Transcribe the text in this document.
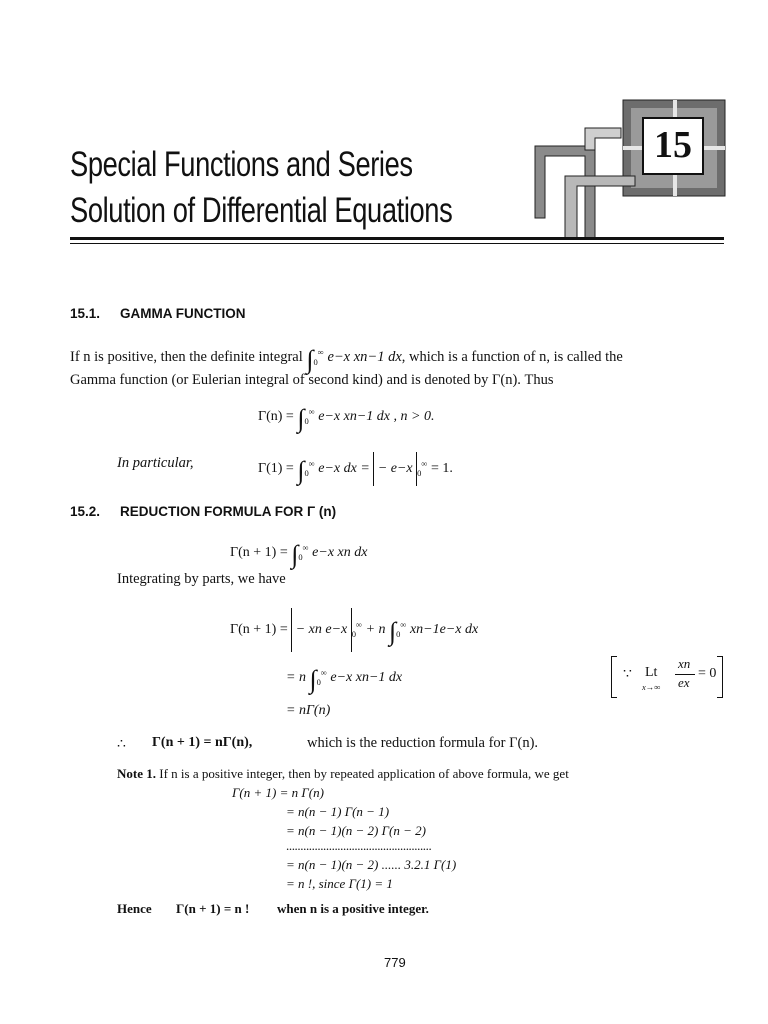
Special Functions and Series
Solution of Differential Equations
15
15.1. GAMMA FUNCTION
If n is positive, then the definite integral $\int_0^\infty$ e−x xn−1 dx, which is a function of n, is called the
Gamma function (or Eulerian integral of second kind) and is denoted by Γ(n). Thus
$\Gamma(n) = \int_0^\infty$ e−x xn−1 dx , n > 0.
In particular,	$\Gamma(1) = \int_0^\infty$ e−x dx = − e−x $_0$∞ = 1.
15.2. REDUCTION FORMULA FOR Γ (n)
$\Gamma(n + 1) = \int_0^\infty$ e−x xn dx
Integrating by parts, we have
Γ(n + 1) = − xn e−x $_0$∞ + n $\int_0^\infty$ xn−1e−x dx
= n $\int_0^\infty$ e−x xn−1 dx	∵ Lt
x→∞
xn
ex
= 0
= nΓ(n)
∴ Γ(n + 1) = nΓ(n),	which is the reduction formula for Γ(n).
Note 1. If n is a positive integer, then by repeated application of above formula, we get
Γ(n + 1) = n Γ(n)
= n(n − 1) Γ(n − 1)
= n(n − 1)(n − 2) Γ(n − 2)
...................................................
= n(n − 1)(n − 2) ...... 3.2.1 Γ(1)
= n !, since Γ(1) = 1
Hence Γ(n + 1) = n ! when n is a positive integer.
779
